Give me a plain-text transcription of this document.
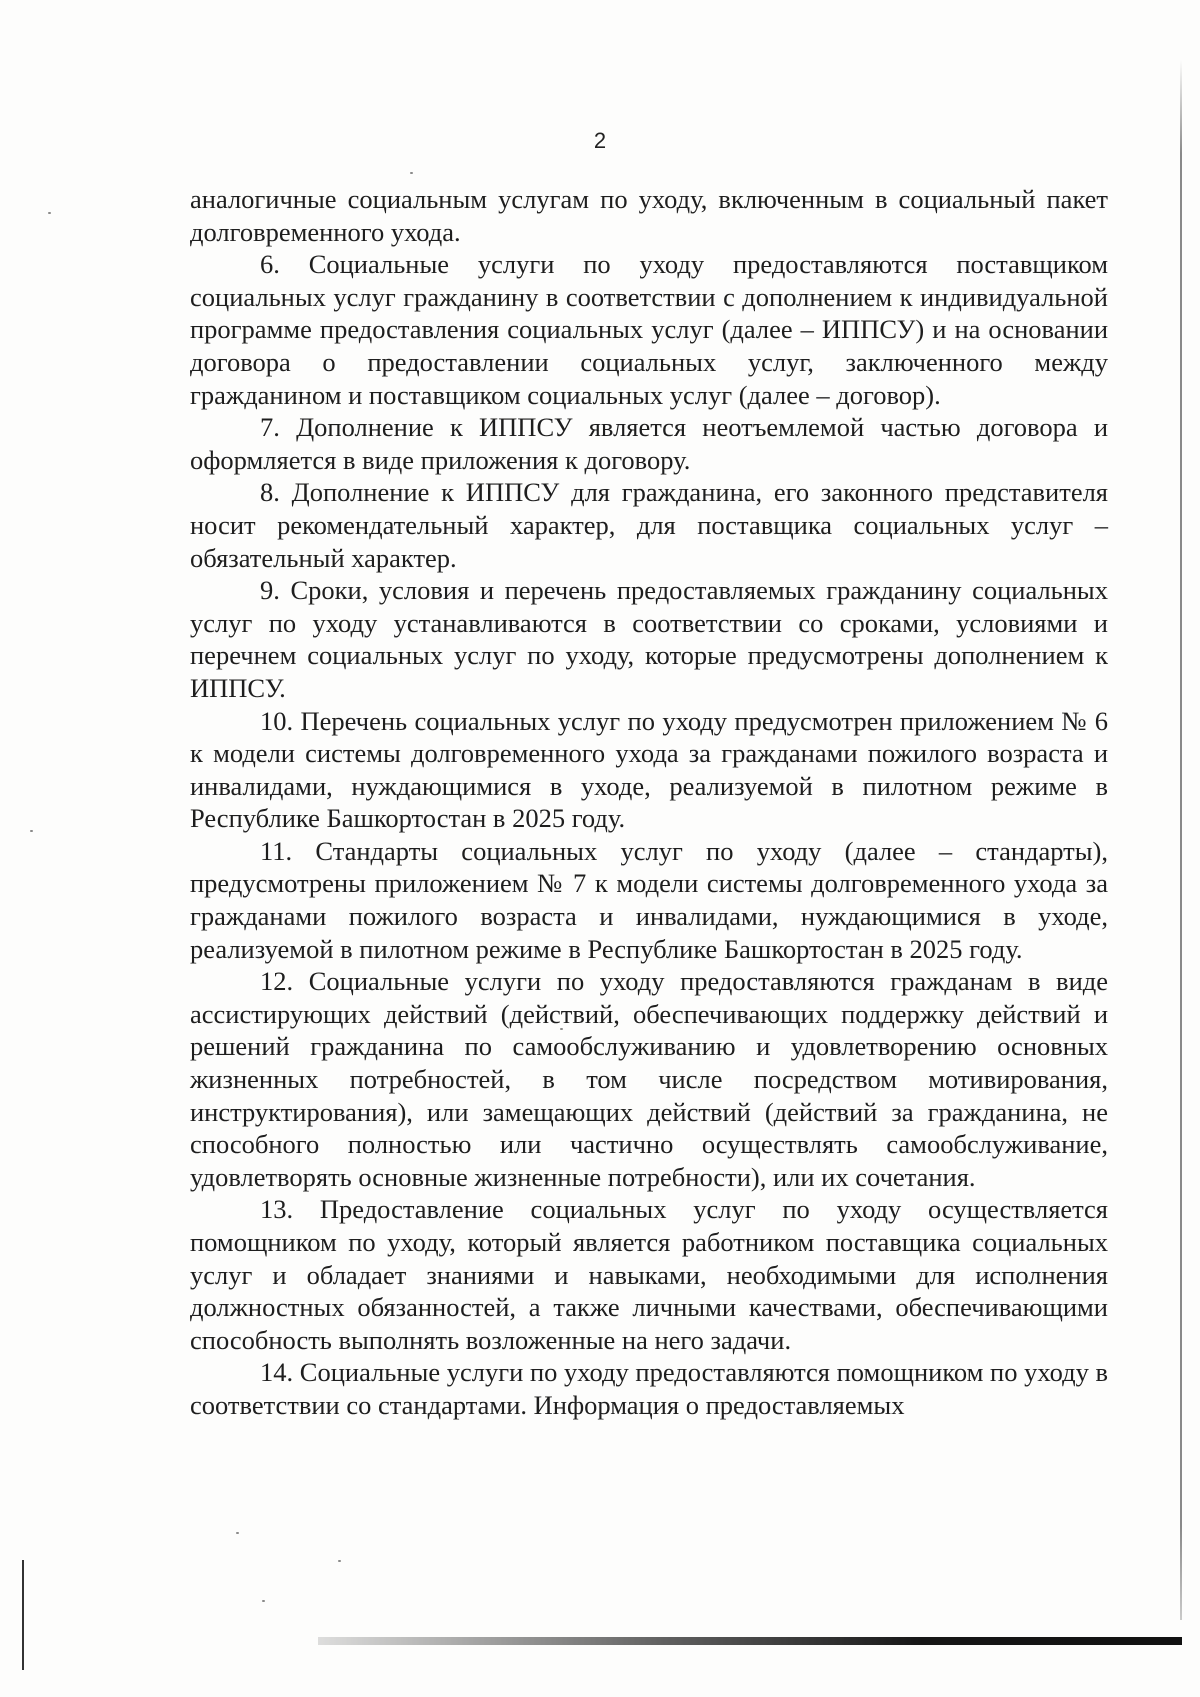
2

аналогичные социальным услугам по уходу, включенным в социальный пакет долговременного ухода.

6. Социальные услуги по уходу предоставляются поставщиком социальных услуг гражданину в соответствии с дополнением к индивидуальной программе предоставления социальных услуг (далее – ИППСУ) и на основании договора о предоставлении социальных услуг, заключенного между гражданином и поставщиком социальных услуг (далее – договор).

7. Дополнение к ИППСУ является неотъемлемой частью договора и оформляется в виде приложения к договору.

8. Дополнение к ИППСУ для гражданина, его законного представителя носит рекомендательный характер, для поставщика социальных услуг – обязательный характер.

9. Сроки, условия и перечень предоставляемых гражданину социальных услуг по уходу устанавливаются в соответствии со сроками, условиями и перечнем социальных услуг по уходу, которые предусмотрены дополнением к ИППСУ.

10. Перечень социальных услуг по уходу предусмотрен приложением № 6 к модели системы долговременного ухода за гражданами пожилого возраста и инвалидами, нуждающимися в уходе, реализуемой в пилотном режиме в Республике Башкортостан в 2025 году.

11. Стандарты социальных услуг по уходу (далее – стандарты), предусмотрены приложением № 7 к модели системы долговременного ухода за гражданами пожилого возраста и инвалидами, нуждающимися в уходе, реализуемой в пилотном режиме в Республике Башкортостан в 2025 году.

12. Социальные услуги по уходу предоставляются гражданам в виде ассистирующих действий (действий, обеспечивающих поддержку действий и решений гражданина по самообслуживанию и удовлетворению основных жизненных потребностей, в том числе посредством мотивирования, инструктирования), или замещающих действий (действий за гражданина, не способного полностью или частично осуществлять самообслуживание, удовлетворять основные жизненные потребности), или их сочетания.

13. Предоставление социальных услуг по уходу осуществляется помощником по уходу, который является работником поставщика социальных услуг и обладает знаниями и навыками, необходимыми для исполнения должностных обязанностей, а также личными качествами, обеспечивающими способность выполнять возложенные на него задачи.

14. Социальные услуги по уходу предоставляются помощником по уходу в соответствии со стандартами. Информация о предоставляемых
